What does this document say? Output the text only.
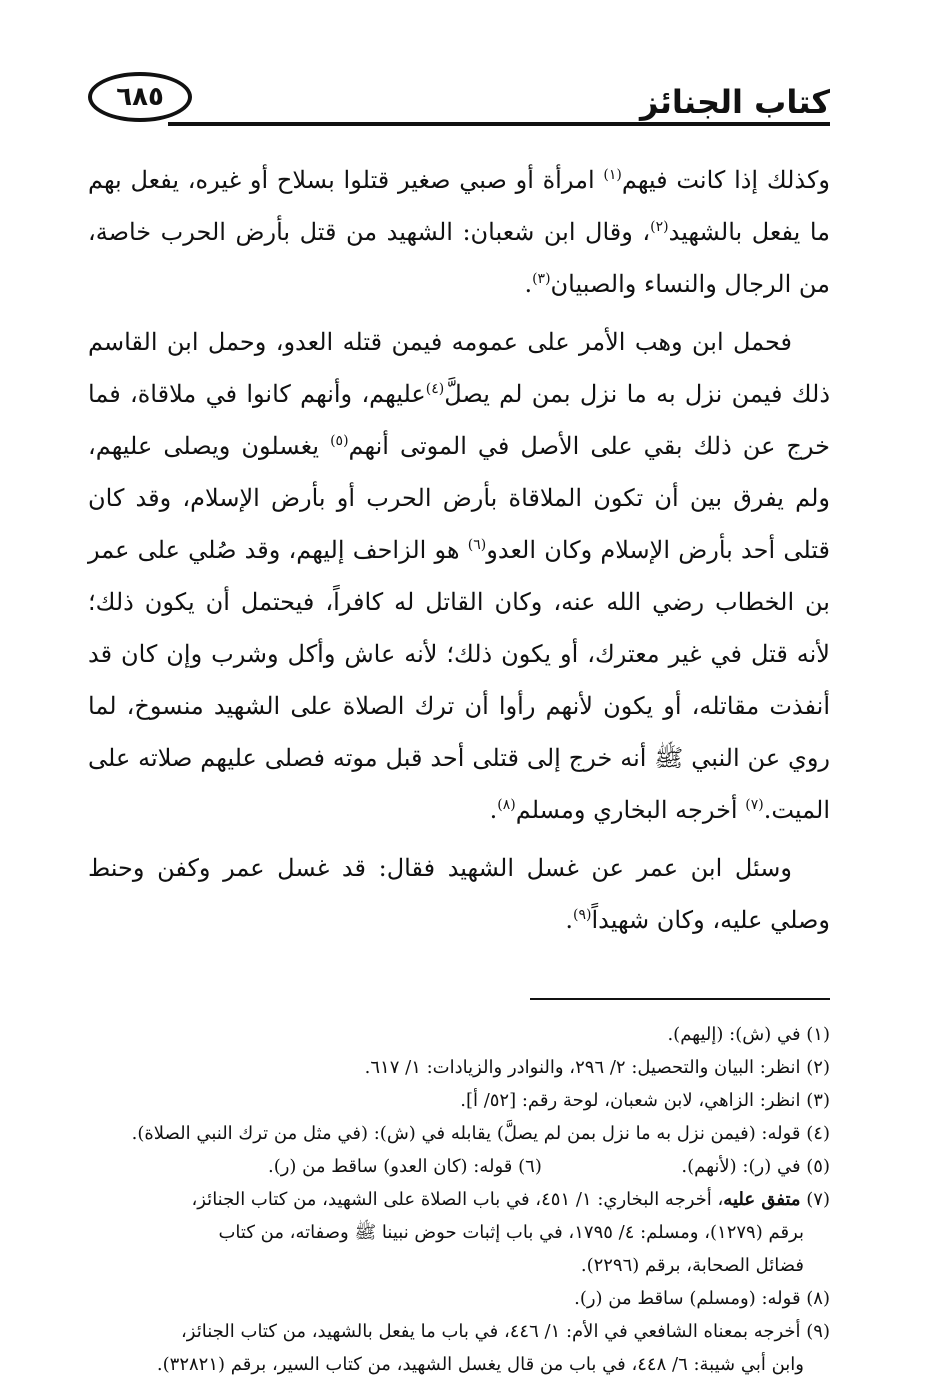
كتاب الجنائز
٦٨٥

وكذلك إذا كانت فيهم$^{(١)}$ امرأة أو صبي صغير قتلوا بسلاح أو غيره، يفعل بهم ما يفعل بالشهيد$^{(٢)}$، وقال ابن شعبان: الشهيد من قتل بأرض الحرب خاصة، من الرجال والنساء والصبيان$^{(٣)}$.

فحمل ابن وهب الأمر على عمومه فيمن قتله العدو، وحمل ابن القاسم ذلك فيمن نزل به ما نزل بمن لم يصلَّ$^{(٤)}$عليهم، وأنهم كانوا في ملاقاة، فما خرج عن ذلك بقي على الأصل في الموتى أنهم$^{(٥)}$ يغسلون ويصلى عليهم، ولم يفرق بين أن تكون الملاقاة بأرض الحرب أو بأرض الإسلام، وقد كان قتلى أحد بأرض الإسلام وكان العدو$^{(٦)}$ هو الزاحف إليهم، وقد صُلي على عمر بن الخطاب رضي الله عنه، وكان القاتل له كافراً، فيحتمل أن يكون ذلك؛ لأنه قتل في غير معترك، أو يكون ذلك؛ لأنه عاش وأكل وشرب وإن كان قد أنفذت مقاتله، أو يكون لأنهم رأوا أن ترك الصلاة على الشهيد منسوخ، لما روي عن النبي ﷺ أنه خرج إلى قتلى أحد قبل موته فصلى عليهم صلاته على الميت.$^{(٧)}$ أخرجه البخاري ومسلم$^{(٨)}$.

وسئل ابن عمر عن غسل الشهيد فقال: قد غسل عمر وكفن وحنط وصلي عليه، وكان شهيداً$^{(٩)}$.

(١) في (ش): (إليهم).

(٢) انظر: البيان والتحصيل: ٢/ ٢٩٦، والنوادر والزيادات: ١/ ٦١٧.

(٣) انظر: الزاهي، لابن شعبان، لوحة رقم: [٥٢/ أ].

(٤) قوله: (فيمن نزل به ما نزل بمن لم يصلَّ) يقابله في (ش): (في مثل من ترك النبي الصلاة).

(٥) في (ر): (لأنهم).
(٦) قوله: (كان العدو) ساقط من (ر).

(٧) متفق عليه، أخرجه البخاري: ١/ ٤٥١، في باب الصلاة على الشهيد، من كتاب الجنائز،

برقم (١٢٧٩)، ومسلم: ٤/ ١٧٩٥، في باب إثبات حوض نبينا ﷺ وصفاته، من كتاب

فضائل الصحابة، برقم (٢٢٩٦).

(٨) قوله: (ومسلم) ساقط من (ر).

(٩) أخرجه بمعناه الشافعي في الأم: ١/ ٤٤٦، في باب ما يفعل بالشهيد، من كتاب الجنائز،

وابن أبي شيبة: ٦/ ٤٤٨، في باب من قال يغسل الشهيد، من كتاب السير، برقم (٣٢٨٢١).
